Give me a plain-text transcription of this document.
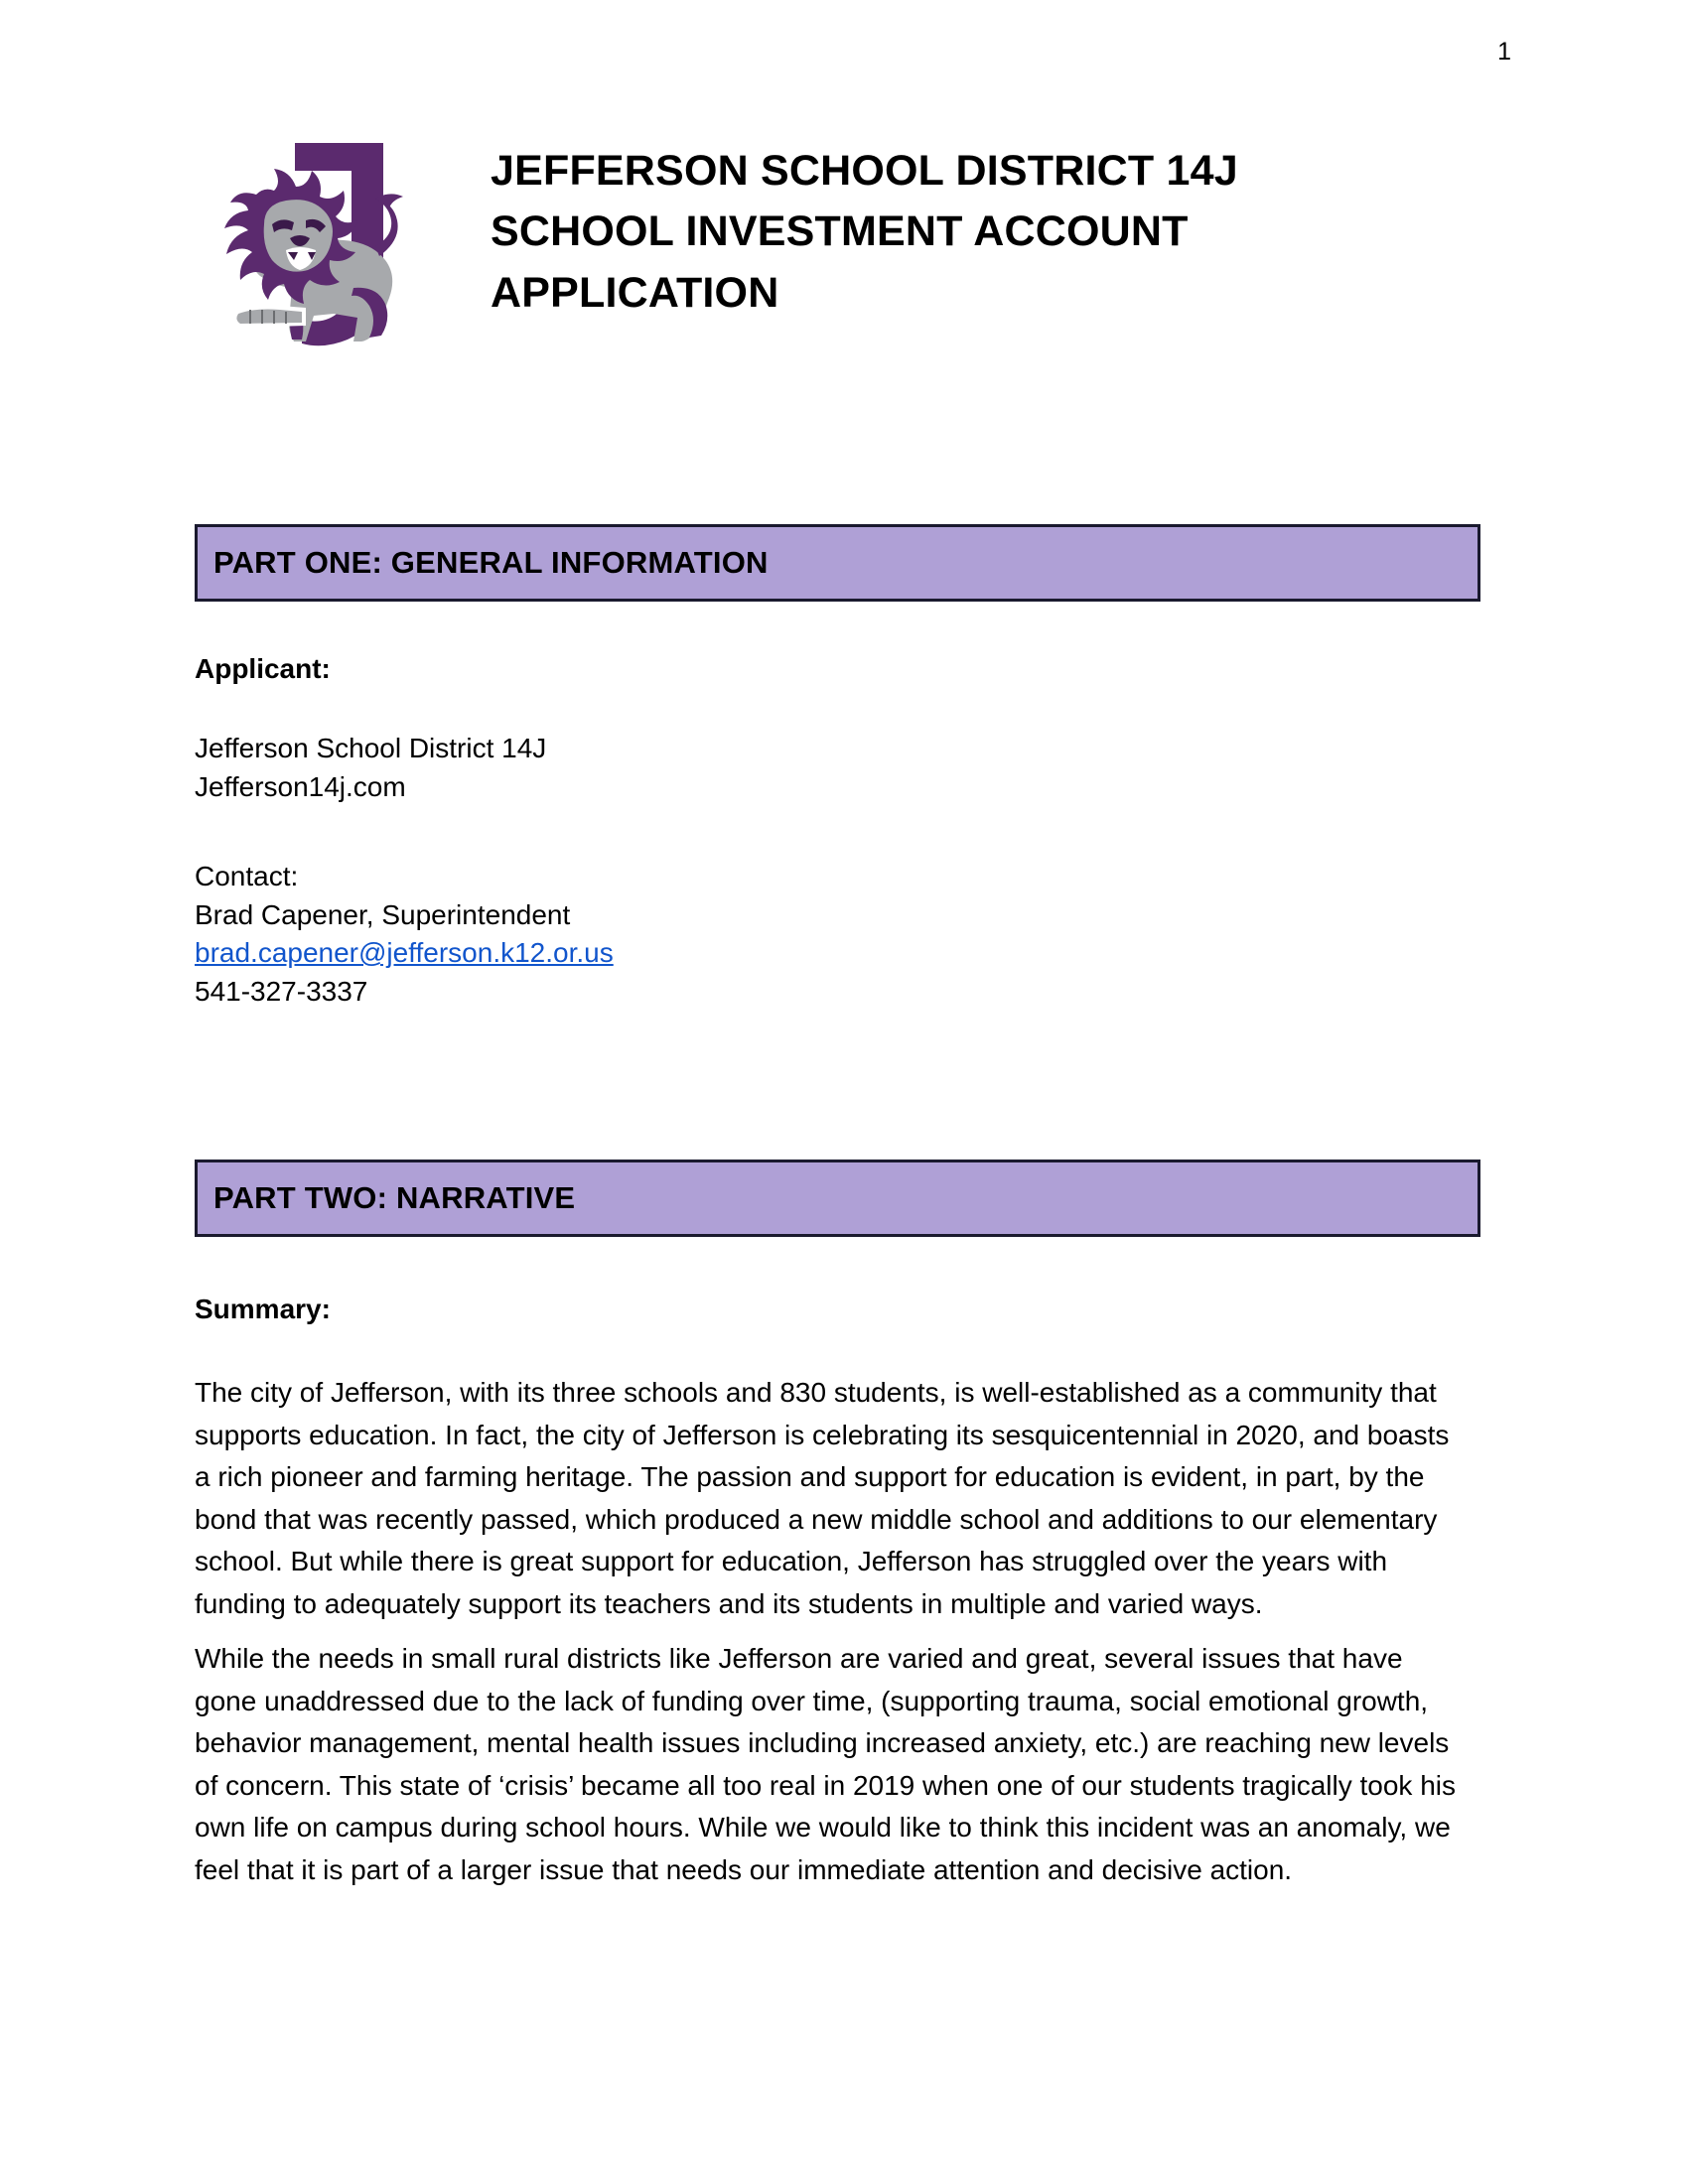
1
JEFFERSON SCHOOL DISTRICT 14J
SCHOOL INVESTMENT ACCOUNT
APPLICATION
PART ONE: GENERAL INFORMATION
Applicant:
Jefferson School District 14J
Jefferson14j.com
Contact:
Brad Capener, Superintendent
brad.capener@jefferson.k12.or.us
541-327-3337
PART TWO: NARRATIVE
Summary:

The city of Jefferson, with its three schools and 830 students, is well-established as a community that supports education. In fact, the city of Jefferson is celebrating its sesquicentennial in 2020, and boasts a rich pioneer and farming heritage. The passion and support for education is evident, in part, by the bond that was recently passed, which produced a new middle school and additions to our elementary school. But while there is great support for education, Jefferson has struggled over the years with funding to adequately support its teachers and its students in multiple and varied ways.

While the needs in small rural districts like Jefferson are varied and great, several issues that have gone unaddressed due to the lack of funding over time, (supporting trauma, social emotional growth, behavior management, mental health issues including increased anxiety, etc.) are reaching new levels of concern. This state of ‘crisis’ became all too real in 2019 when one of our students tragically took his own life on campus during school hours. While we would like to think this incident was an anomaly, we feel that it is part of a larger issue that needs our immediate attention and decisive action.
